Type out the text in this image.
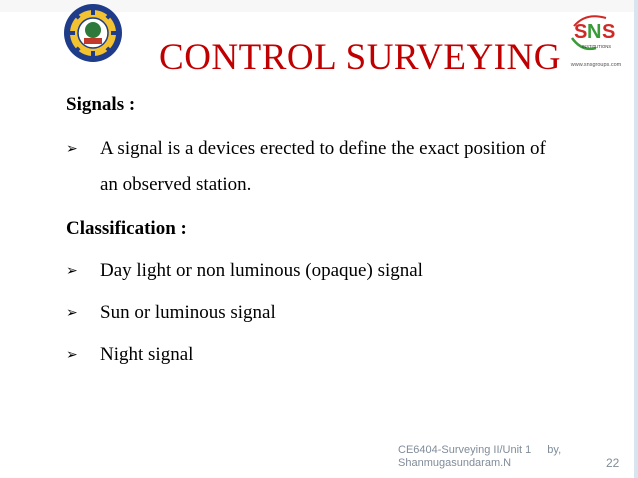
S N S
INSTITUTIONS
www.snsgroups.com
CONTROL SURVEYING
Signals :
➢ A signal is a devices erected to define the exact position of
an observed station.
Classification :
➢ Day light or non luminous (opaque) signal
➢ Sun or luminous signal
➢ Night signal
CE6404-Surveying II/Unit 1 by,
Shanmugasundaram.N	22
